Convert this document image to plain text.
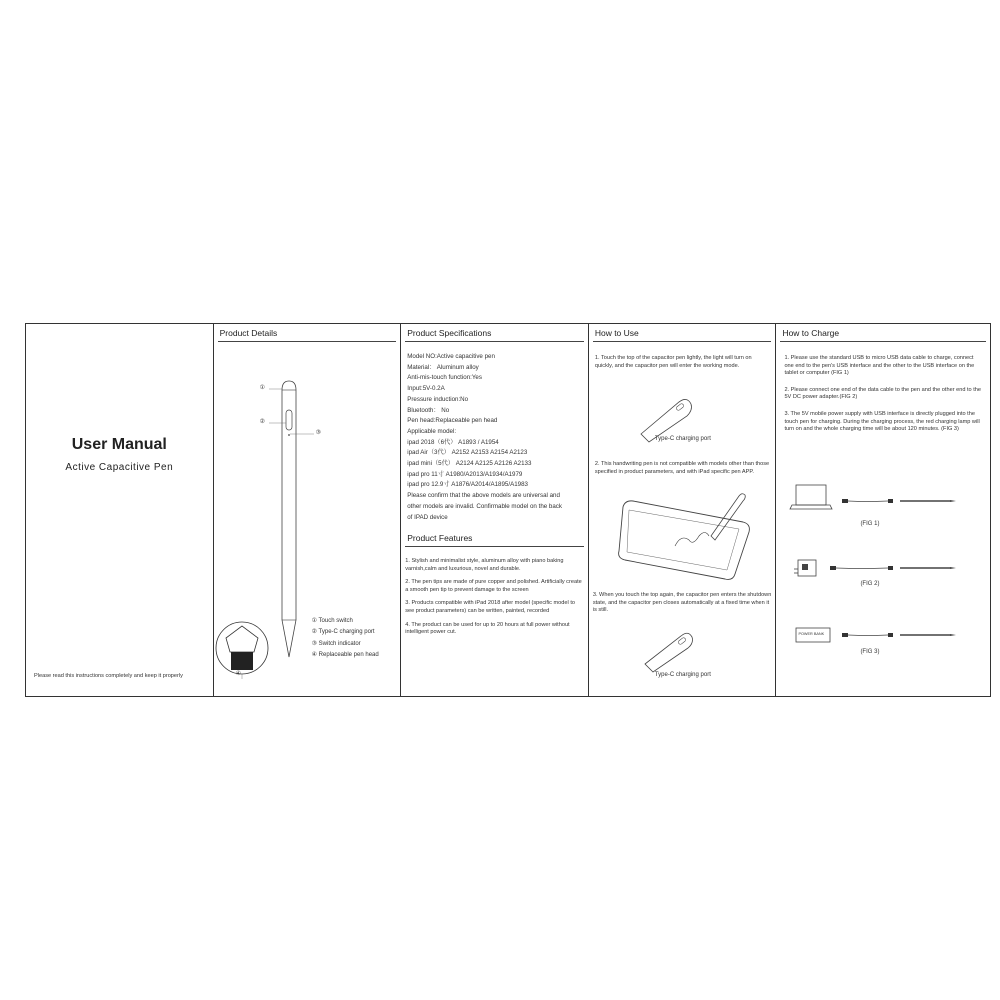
User Manual
Active Capacitive Pen
Please read this instructions completely and keep it properly
Product Details
①
②
③
④
① Touch switch
② Type-C charging port
③ Switch indicator
④ Replaceable pen head
Product Specifications
Model NO:Active capacitive pen
Material： Aluminum alloy
Anti-mis-touch function:Yes
Input:5V-0.2A
Pressure induction:No
Bluetooth： No
Pen head:Replaceable pen head
Applicable model:
ipad 2018（6代） A1893 / A1954
ipad Air（3代） A2152 A2153 A2154 A2123
ipad mini（5代） A2124 A2125 A2126 A2133
ipad pro 11寸 A1980/A2013/A1934/A1979
ipad pro 12.9寸 A1876/A2014/A1895/A1983
Please confirm that the above models are universal and
other models are invalid. Confirmable model on the back
of IPAD device
Product Features
1. Stylish and minimalist style, aluminum alloy with piano baking varnish,calm and luxurious, novel and durable.
2. The pen tips are made of pure copper and polished. Artificially create a smooth pen tip to prevent damage to the screen
3. Products compatible with iPad 2018 after model (specific model to see product parameters) can be written, painted, recorded
4. The product can be used for up to 20 hours at full power without intelligent power cut.
How to Use
1. Touch the top of the capacitor pen lightly, the light will turn on quickly, and the capacitor pen will enter the working mode.
Type-C charging port
2. This handwriting pen is not compatible with models other than those specified in product parameters, and with iPad specific pen APP.
3. When you touch the top again, the capacitor pen enters the shutdown state, and the capacitor pen closes automatically at a fixed time when it is still.
Type-C charging port
How to Charge
1. Please use the standard USB to micro USB data cable to charge, connect one end to the pen's USB interface and the other to the USB interface on the tablet or computer (FIG 1)
2. Please connect one end of the data cable to the pen and the other end to the 5V DC power adapter.(FIG 2)
3. The 5V mobile power supply with USB interface is directly plugged into the touch pen for charging. During the charging process, the red charging lamp will turn on and the whole charging time will be about 120 minutes. (FIG 3)
POWER BANK
(FIG 1)
(FIG 2)
(FIG 3)
